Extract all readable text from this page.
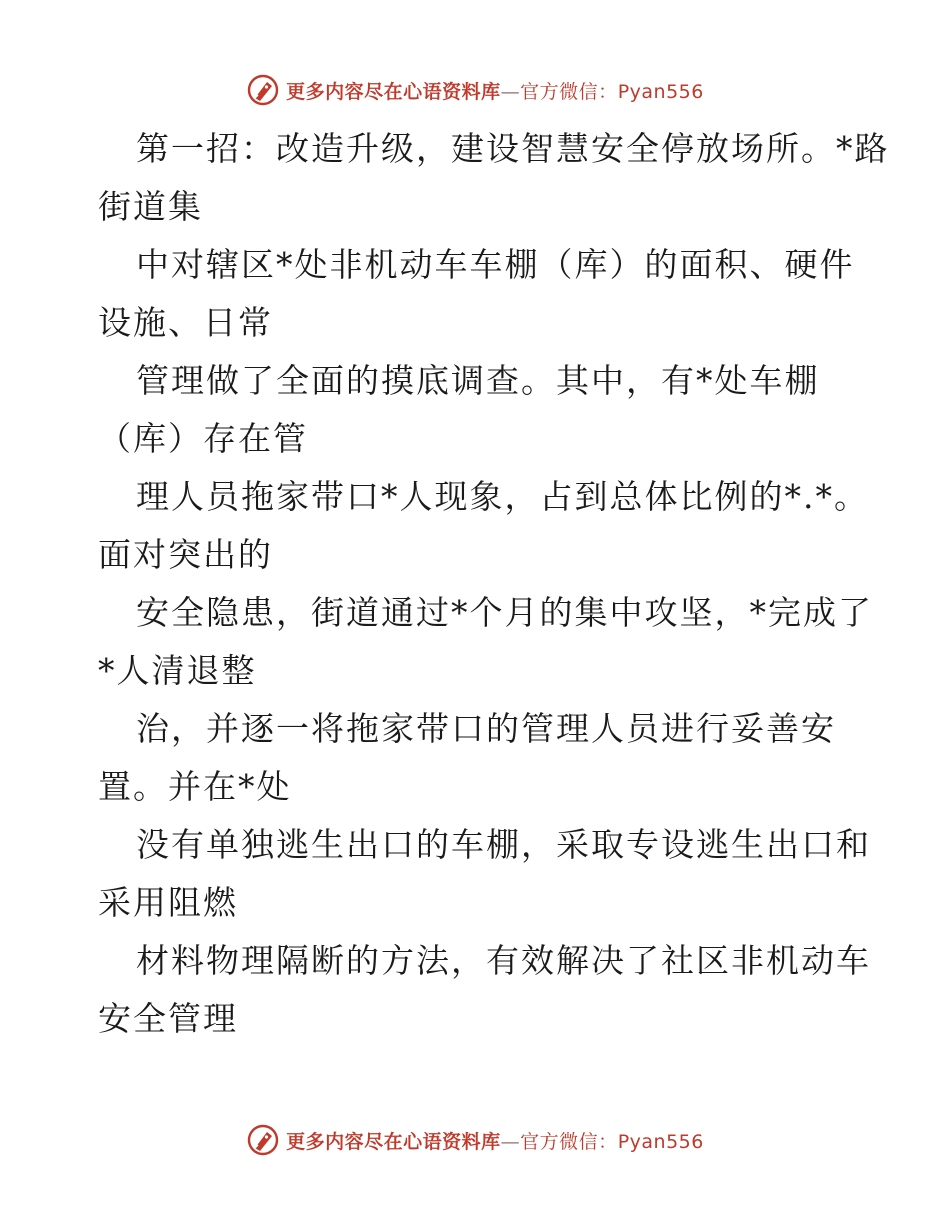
更多内容尽在心语资料库—官方微信：Pyan556
第一招：改造升级，建设智慧安全停放场所。*路
街道集
中对辖区*处非机动车车棚（库）的面积、硬件
设施、日常
管理做了全面的摸底调查。其中，有*处车棚
（库）存在管
理人员拖家带口*人现象，占到总体比例的*.*。
面对突出的
安全隐患，街道通过*个月的集中攻坚，*完成了
*人清退整
治，并逐一将拖家带口的管理人员进行妥善安
置。并在*处
没有单独逃生出口的车棚，采取专设逃生出口和
采用阻燃
材料物理隔断的方法，有效解决了社区非机动车
安全管理
更多内容尽在心语资料库—官方微信：Pyan556
